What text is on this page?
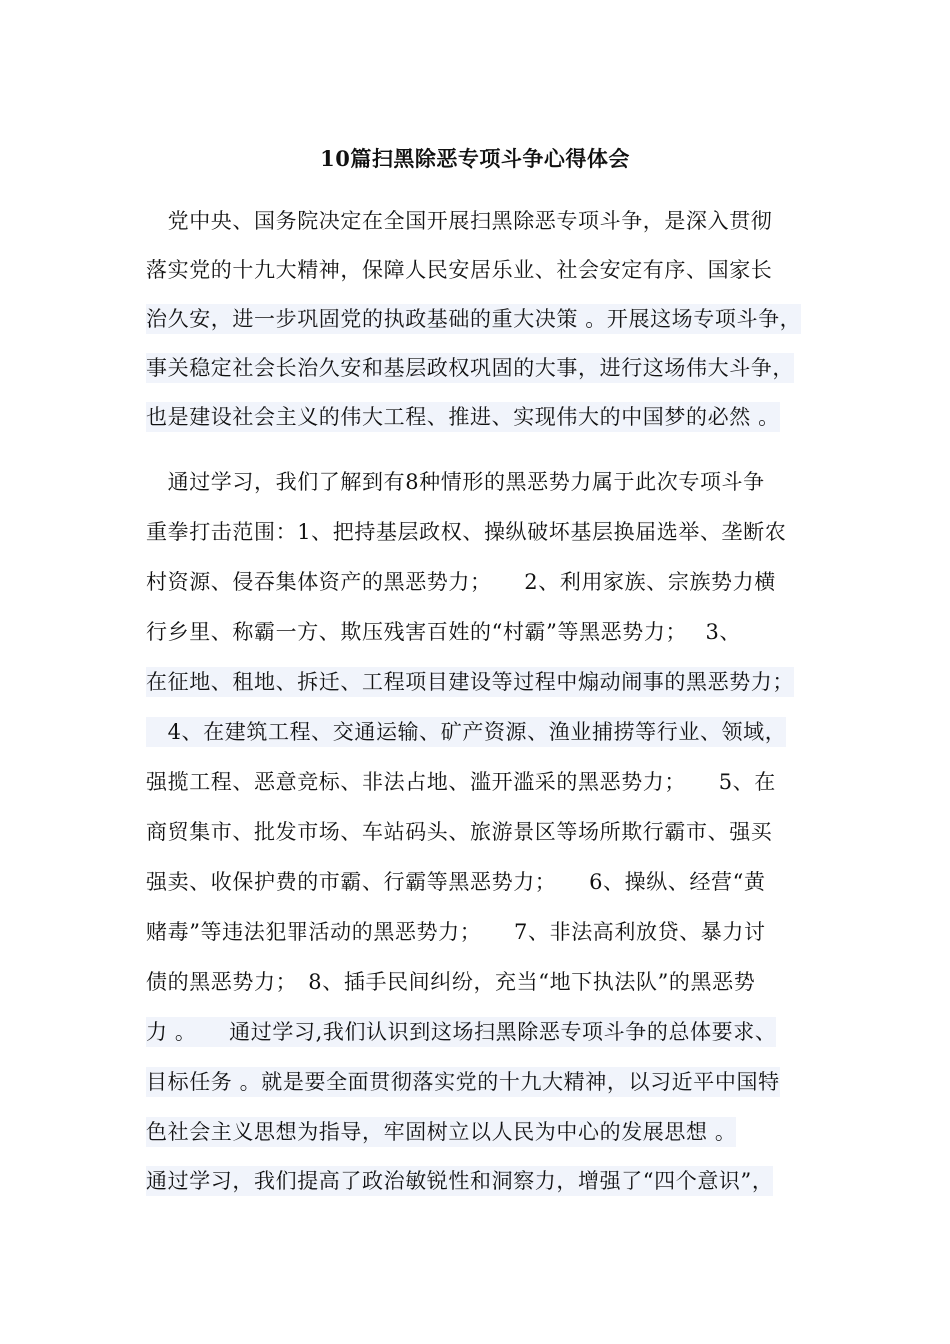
10篇扫黑除恶专项斗争心得体会
　党中央、国务院决定在全国开展扫黑除恶专项斗争，是深入贯彻
落实党的十九大精神，保障人民安居乐业、社会安定有序、国家长
治久安，进一步巩固党的执政基础的重大决策 。开展这场专项斗争，
事关稳定社会长治久安和基层政权巩固的大事，进行这场伟大斗争，
也是建设社会主义的伟大工程、推进、实现伟大的中国梦的必然 。
　通过学习，我们了解到有8种情形的黑恶势力属于此次专项斗争
重拳打击范围：1、把持基层政权、操纵破坏基层换届选举、垄断农
村资源、侵吞集体资产的黑恶势力；　　2、利用家族、宗族势力横
行乡里、称霸一方、欺压残害百姓的“村霸”等黑恶势力；　 3、
在征地、租地、拆迁、工程项目建设等过程中煽动闹事的黑恶势力；
　4、在建筑工程、交通运输、矿产资源、渔业捕捞等行业、领域，
强揽工程、恶意竞标、非法占地、滥开滥采的黑恶势力；　　5、在
商贸集市、批发市场、车站码头、旅游景区等场所欺行霸市、强买
强卖、收保护费的市霸、行霸等黑恶势力；　　6、操纵、经营“黄
赌毒”等违法犯罪活动的黑恶势力；　　7、非法高利放贷、暴力讨
债的黑恶势力；　8、插手民间纠纷，充当“地下执法队”的黑恶势
力 。　　通过学习,我们认识到这场扫黑除恶专项斗争的总体要求、
目标任务 。就是要全面贯彻落实党的十九大精神，以习近平中国特
色社会主义思想为指导，牢固树立以人民为中心的发展思想 。
通过学习，我们提高了政治敏锐性和洞察力，增强了“四个意识”，
